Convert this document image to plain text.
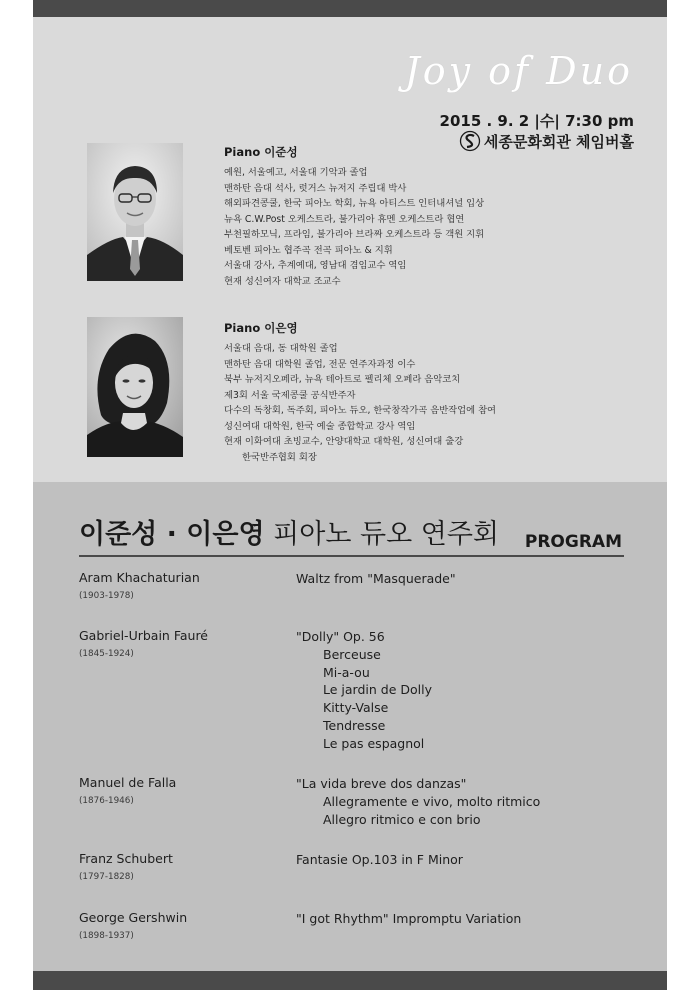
Joy of Duo
2015 . 9. 2 |수| 7:30 pm
세종문화회관 체임버홀
Piano 이준성
예원, 서울예고, 서울대 기악과 졸업
맨하탄 음대 석사, 럿거스 뉴저지 주립대 박사
해외파견콩쿨, 한국 피아노 학회, 뉴욕 아티스트 인터내셔널 입상
뉴욕 C.W.Post 오케스트라, 불가리아 휴멘 오케스트라 협연
부천필하모닉, 프라임, 불가리아 브라짜 오케스트라 등 객원 지휘
베토벤 피아노 협주곡 전곡 피아노 & 지휘
서울대 강사, 추계예대, 영남대 겸임교수 역임
현재 성신여자 대학교 조교수
Piano 이은영
서울대 음대, 동 대학원 졸업
맨하탄 음대 대학원 졸업, 전문 연주자과정 이수
북부 뉴저지오페라, 뉴욕 테아트로 펠리체 오페라 음악코치
제3회 서울 국제콩쿨 공식반주자
다수의 독창회, 독주회, 피아노 듀오, 한국창작가곡 음반작업에 참여
성신여대 대학원, 한국 예술 종합학교 강사 역임
현재 이화여대 초빙교수, 안양대학교 대학원, 성신여대 출강
한국반주협회 회장
이준성 · 이은영 피아노 듀오 연주회 PROGRAM
Aram Khachaturian
(1903-1978)
Waltz from "Masquerade"
Gabriel-Urbain Fauré
(1845-1924)
"Dolly" Op. 56
Berceuse
Mi-a-ou
Le jardin de Dolly
Kitty-Valse
Tendresse
Le pas espagnol
Manuel de Falla
(1876-1946)
"La vida breve dos danzas"
Allegramente e vivo, molto ritmico
Allegro ritmico e con brio
Franz Schubert
(1797-1828)
Fantasie Op.103 in F Minor
George Gershwin
(1898-1937)
"I got Rhythm" Impromptu Variation
